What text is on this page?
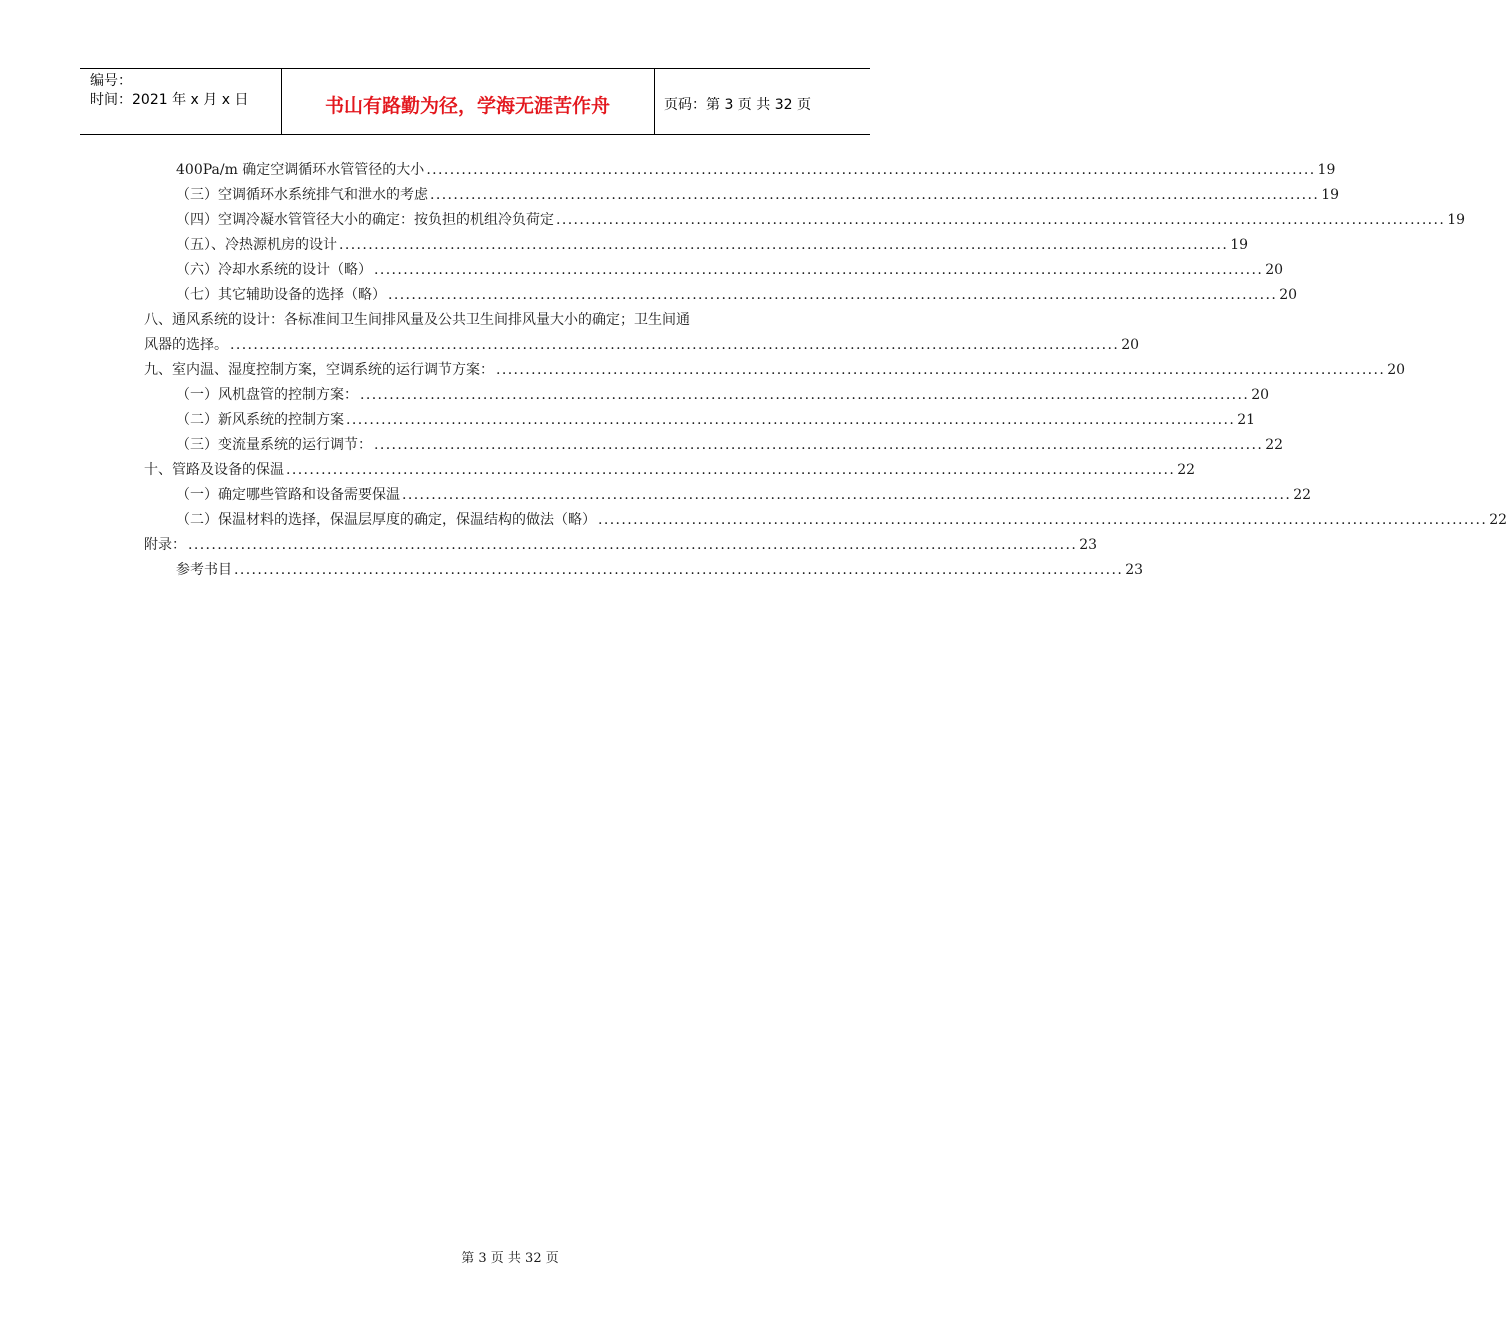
编号：
时间：2021 年 x 月 x 日	书山有路勤为径，学海无涯苦作舟	页码：第 3 页 共 32 页
400Pa/m 确定空调循环水管管径的大小 ........................................................................................................................................................ 19
（三）空调循环水系统排气和泄水的考虑 ........................................................................................................................................................ 19
（四）空调冷凝水管管径大小的确定：按负担的机组冷负荷定 ........................................................................................................................................................ 19
（五）、冷热源机房的设计 ........................................................................................................................................................ 19
（六）冷却水系统的设计（略） ........................................................................................................................................................ 20
（七）其它辅助设备的选择（略） ........................................................................................................................................................ 20
八、通风系统的设计：各标准间卫生间排风量及公共卫生间排风量大小的确定；卫生间通
风器的选择。 ........................................................................................................................................................ 20
九、室内温、湿度控制方案，空调系统的运行调节方案： ........................................................................................................................................................ 20
（一）风机盘管的控制方案： ........................................................................................................................................................ 20
（二）新风系统的控制方案 ........................................................................................................................................................ 21
（三）变流量系统的运行调节： ........................................................................................................................................................ 22
十、管路及设备的保温 ........................................................................................................................................................ 22
（一）确定哪些管路和设备需要保温 ........................................................................................................................................................ 22
（二）保温材料的选择，保温层厚度的确定，保温结构的做法（略） ........................................................................................................................................................ 22
附录： ........................................................................................................................................................ 23
参考书目 ........................................................................................................................................................ 23
第 3 页 共 32 页
